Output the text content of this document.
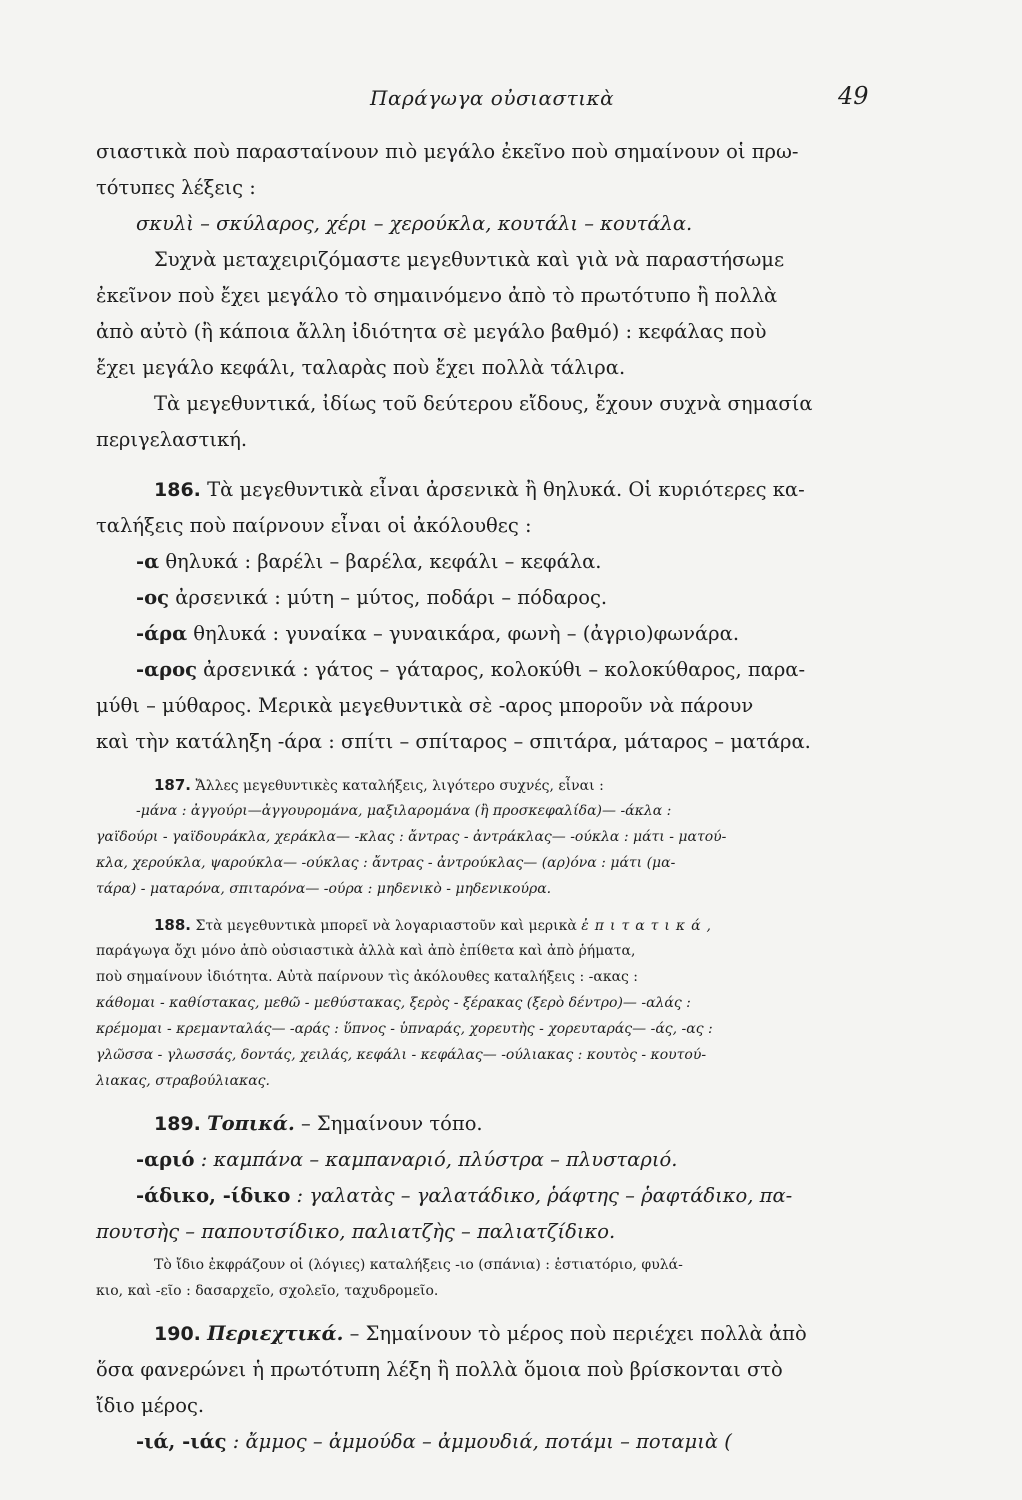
Παράγωγα οὐσιαστικὰ	49
σιαστικὰ ποὺ παρασταίνουν πιὸ μεγάλο ἐκεῖνο ποὺ σημαίνουν οἱ πρω-
τότυπες λέξεις :
σκυλὶ – σκύλαρος, χέρι – χερούκλα, κουτάλι – κουτάλα.
Συχνὰ μεταχειριζόμαστε μεγεθυντικὰ καὶ γιὰ νὰ παραστήσωμε
ἐκεῖνον ποὺ ἔχει μεγάλο τὸ σημαινόμενο ἀπὸ τὸ πρωτότυπο ἢ πολλὰ
ἀπὸ αὐτὸ (ἢ κάποια ἄλλη ἰδιότητα σὲ μεγάλο βαθμό) : κεφάλας ποὺ
ἔχει μεγάλο κεφάλι, ταλαρὰς ποὺ ἔχει πολλὰ τάλιρα.
Τὰ μεγεθυντικά, ἰδίως τοῦ δεύτερου εἴδους, ἔχουν συχνὰ σημασία
περιγελαστική.
186. Τὰ μεγεθυντικὰ εἶναι ἀρσενικὰ ἢ θηλυκά. Οἱ κυριότερες κα-
ταλήξεις ποὺ παίρνουν εἶναι οἱ ἀκόλουθες :
-α θηλυκά : βαρέλι – βαρέλα, κεφάλι – κεφάλα.
-ος ἀρσενικά : μύτη – μύτος, ποδάρι – πόδαρος.
-άρα θηλυκά : γυναίκα – γυναικάρα, φωνὴ – (ἀγριο)φωνάρα.
-αρος ἀρσενικά : γάτος – γάταρος, κολοκύθι – κολοκύθαρος, παρα-
μύθι – μύθαρος. Μερικὰ μεγεθυντικὰ σὲ -αρος μποροῦν νὰ πάρουν
καὶ τὴν κατάληξη -άρα : σπίτι – σπίταρος – σπιτάρα, μάταρος – ματάρα.
187. Ἄλλες μεγεθυντικὲς καταλήξεις, λιγότερο συχνές, εἶναι :
-μάνα : ἀγγούρι—ἀγγουρομάνα, μαξιλαρομάνα (ἢ προσκεφαλίδα)— -άκλα :
γαϊδούρι - γαϊδουράκλα, χεράκλα— -κλας : ἄντρας - ἀντράκλας— -ούκλα : μάτι - ματού-
κλα, χερούκλα, ψαρούκλα— -ούκλας : ἄντρας - ἀντρούκλας— (αρ)όνα : μάτι (μα-
τάρα) - ματαρόνα, σπιταρόνα— -ούρα : μηδενικὸ - μηδενικούρα.
188. Στὰ μεγεθυντικὰ μπορεῖ νὰ λογαριαστοῦν καὶ μερικὰ ἐπιτατικά,
παράγωγα ὄχι μόνο ἀπὸ οὐσιαστικὰ ἀλλὰ καὶ ἀπὸ ἐπίθετα καὶ ἀπὸ ῥήματα,
ποὺ σημαίνουν ἰδιότητα. Αὐτὰ παίρνουν τὶς ἀκόλουθες καταλήξεις : -ακας :
κάθομαι - καθίστακας, μεθῶ - μεθύστακας, ξερὸς - ξέρακας (ξερὸ δέντρο)— -αλάς :
κρέμομαι - κρεμανταλάς— -αράς : ὕπνος - ὑπναράς, χορευτὴς - χορευταράς— -άς, -ας :
γλῶσσα - γλωσσάς, δοντάς, χειλάς, κεφάλι - κεφάλας— -ούλιακας : κουτὸς - κουτού-
λιακας, στραβούλιακας.
189. Τοπικά. – Σημαίνουν τόπο.
-αριό : καμπάνα – καμπαναριό, πλύστρα – πλυσταριό.
-άδικο, -ίδικο : γαλατὰς – γαλατάδικο, ῥάφτης – ῥαφτάδικο, πα-
πουτσὴς – παπουτσίδικο, παλιατζὴς – παλιατζίδικο.
Τὸ ἴδιο ἐκφράζουν οἱ (λόγιες) καταλήξεις -ιο (σπάνια) : ἑστιατόριο, φυλά-
κιο, καὶ -εῖο : δασαρχεῖο, σχολεῖο, ταχυδρομεῖο.
190. Περιεχτικά. – Σημαίνουν τὸ μέρος ποὺ περιέχει πολλὰ ἀπὸ
ὅσα φανερώνει ἡ πρωτότυπη λέξη ἢ πολλὰ ὅμοια ποὺ βρίσκονται στὸ
ἴδιο μέρος.
-ιά, -ιάς : ἄμμος – ἀμμούδα – ἀμμουδιά, ποτάμι – ποταμιὰ (
